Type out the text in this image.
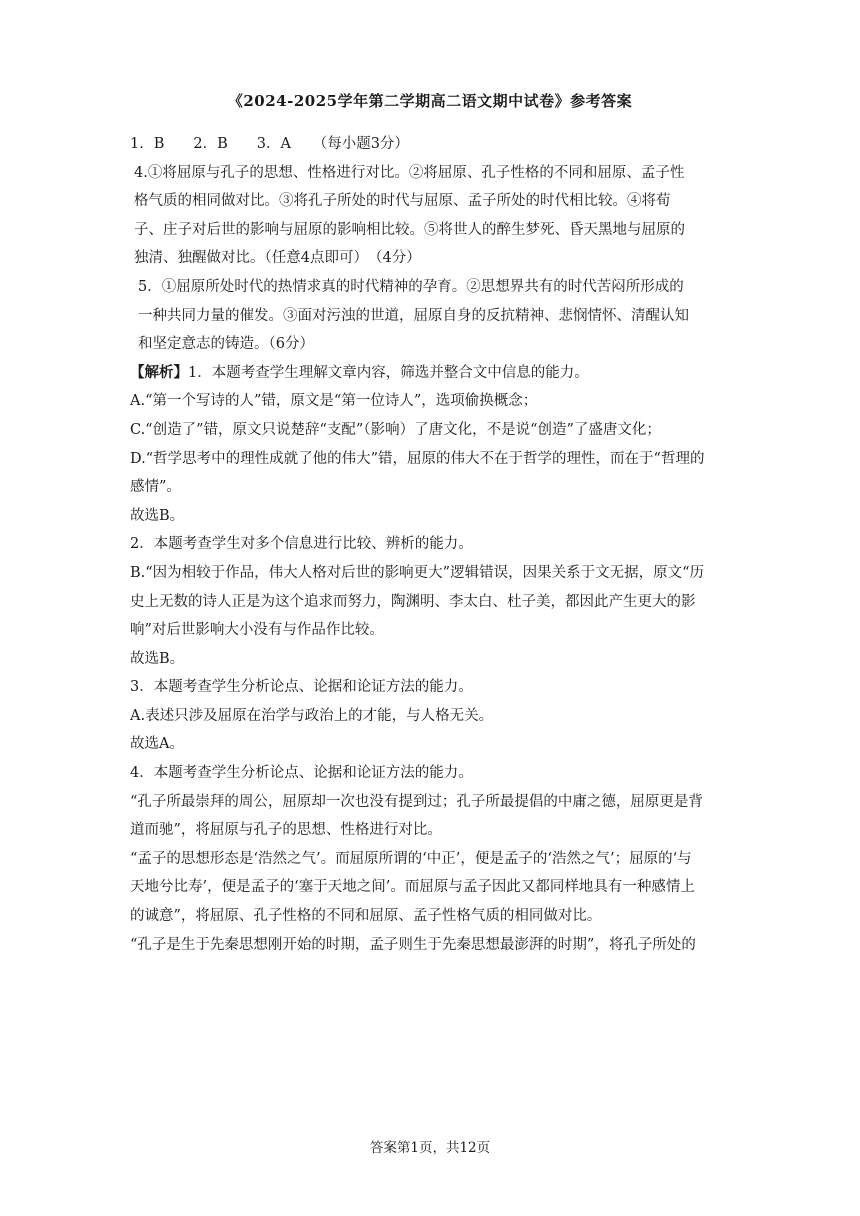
《2024-2025学年第二学期高二语文期中试卷》参考答案
1．B　　2．B　　3．A　　（每小题3分）
4.①将屈原与孔子的思想、性格进行对比。②将屈原、孔子性格的不同和屈原、孟子性
格气质的相同做对比。③将孔子所处的时代与屈原、孟子所处的时代相比较。④将荀
子、庄子对后世的影响与屈原的影响相比较。⑤将世人的醉生梦死、昏天黑地与屈原的
独清、独醒做对比。（任意4点即可）　（4分）
5．①屈原所处时代的热情求真的时代精神的孕育。②思想界共有的时代苦闷所形成的
一种共同力量的催发。③面对污浊的世道，屈原自身的反抗精神、悲悯情怀、清醒认知
和坚定意志的铸造。（6分）
【解析】1．本题考查学生理解文章内容，筛选并整合文中信息的能力。
A.“第一个写诗的人”错，原文是“第一位诗人”，选项偷换概念；
C.“创造了”错，原文只说楚辞“支配”（影响）了唐文化，不是说“创造”了盛唐文化；
D.“哲学思考中的理性成就了他的伟大”错，屈原的伟大不在于哲学的理性，而在于“哲理的
感情”。
故选B。
2．本题考查学生对多个信息进行比较、辨析的能力。
B.“因为相较于作品，伟大人格对后世的影响更大”逻辑错误，因果关系于文无据，原文“历
史上无数的诗人正是为这个追求而努力，陶渊明、李太白、杜子美，都因此产生更大的影
响”对后世影响大小没有与作品作比较。
故选B。
3．本题考查学生分析论点、论据和论证方法的能力。
A.表述只涉及屈原在治学与政治上的才能，与人格无关。
故选A。
4．本题考查学生分析论点、论据和论证方法的能力。
“孔子所最崇拜的周公，屈原却一次也没有提到过；孔子所最提倡的中庸之德，屈原更是背
道而驰”，将屈原与孔子的思想、性格进行对比。
“孟子的思想形态是‘浩然之气’。而屈原所谓的‘中正’，便是孟子的‘浩然之气’；屈原的‘与
天地兮比寿’，便是孟子的‘塞于天地之间’。而屈原与孟子因此又都同样地具有一种感情上
的诚意”，将屈原、孔子性格的不同和屈原、孟子性格气质的相同做对比。
“孔子是生于先秦思想刚开始的时期，孟子则生于先秦思想最澎湃的时期”，将孔子所处的
答案第1页，共12页
